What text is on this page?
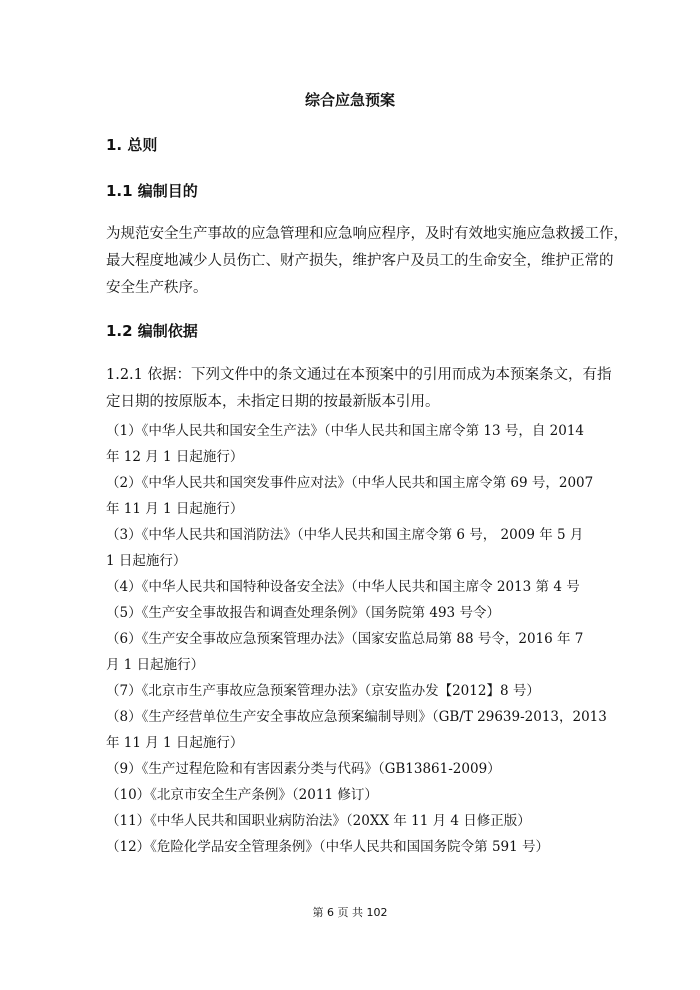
综合应急预案
1. 总则
1.1 编制目的
为规范安全生产事故的应急管理和应急响应程序，及时有效地实施应急救援工作，
最大程度地减少人员伤亡、财产损失，维护客户及员工的生命安全，维护正常的
安全生产秩序。
1.2 编制依据
1.2.1 依据：下列文件中的条文通过在本预案中的引用而成为本预案条文，有指
定日期的按原版本，未指定日期的按最新版本引用。
（1）《中华人民共和国安全生产法》（中华人民共和国主席令第 13 号，自 2014
年 12 月 1 日起施行）
（2）《中华人民共和国突发事件应对法》（中华人民共和国主席令第 69 号，2007
年 11 月 1 日起施行）
（3）《中华人民共和国消防法》（中华人民共和国主席令第 6 号， 2009 年 5 月
1 日起施行）
（4）《中华人民共和国特种设备安全法》（中华人民共和国主席令 2013 第 4 号
（5）《生产安全事故报告和调查处理条例》（国务院第 493 号令）
（6）《生产安全事故应急预案管理办法》（国家安监总局第 88 号令，2016 年 7
月 1 日起施行）
（7）《北京市生产事故应急预案管理办法》（京安监办发【2012】8 号）
（8）《生产经营单位生产安全事故应急预案编制导则》（GB/T 29639-2013，2013
年 11 月 1 日起施行）
（9）《生产过程危险和有害因素分类与代码》（GB13861-2009）
（10）《北京市安全生产条例》（2011 修订）
（11）《中华人民共和国职业病防治法》（20XX 年 11 月 4 日修正版）
（12）《危险化学品安全管理条例》（中华人民共和国国务院令第 591 号）
第 6 页 共 102
